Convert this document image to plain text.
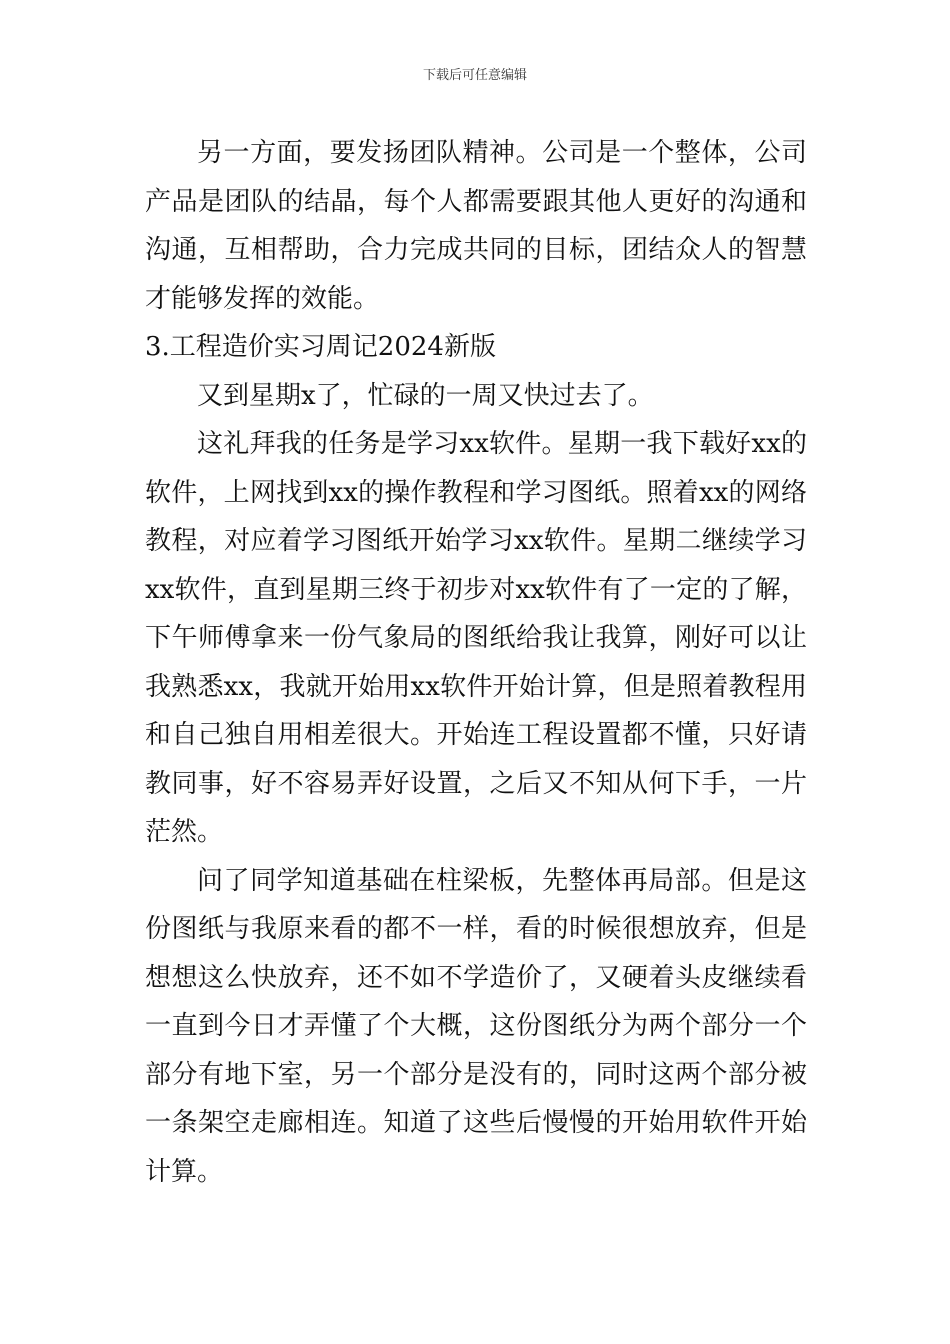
下载后可任意编辑

另一方面，要发扬团队精神。公司是一个整体，公司产品是团队的结晶，每个人都需要跟其他人更好的沟通和沟通，互相帮助，合力完成共同的目标，团结众人的智慧才能够发挥的效能。

3.工程造价实习周记2024新版

又到星期x了，忙碌的一周又快过去了。

这礼拜我的任务是学习xx软件。星期一我下载好xx的软件，上网找到xx的操作教程和学习图纸。照着xx的网络教程，对应着学习图纸开始学习xx软件。星期二继续学习xx软件，直到星期三终于初步对xx软件有了一定的了解，下午师傅拿来一份气象局的图纸给我让我算，刚好可以让我熟悉xx，我就开始用xx软件开始计算，但是照着教程用和自己独自用相差很大。开始连工程设置都不懂，只好请教同事，好不容易弄好设置，之后又不知从何下手，一片茫然。

问了同学知道基础在柱梁板，先整体再局部。但是这份图纸与我原来看的都不一样，看的时候很想放弃，但是想想这么快放弃，还不如不学造价了，又硬着头皮继续看一直到今日才弄懂了个大概，这份图纸分为两个部分一个部分有地下室，另一个部分是没有的，同时这两个部分被一条架空走廊相连。知道了这些后慢慢的开始用软件开始计算。
